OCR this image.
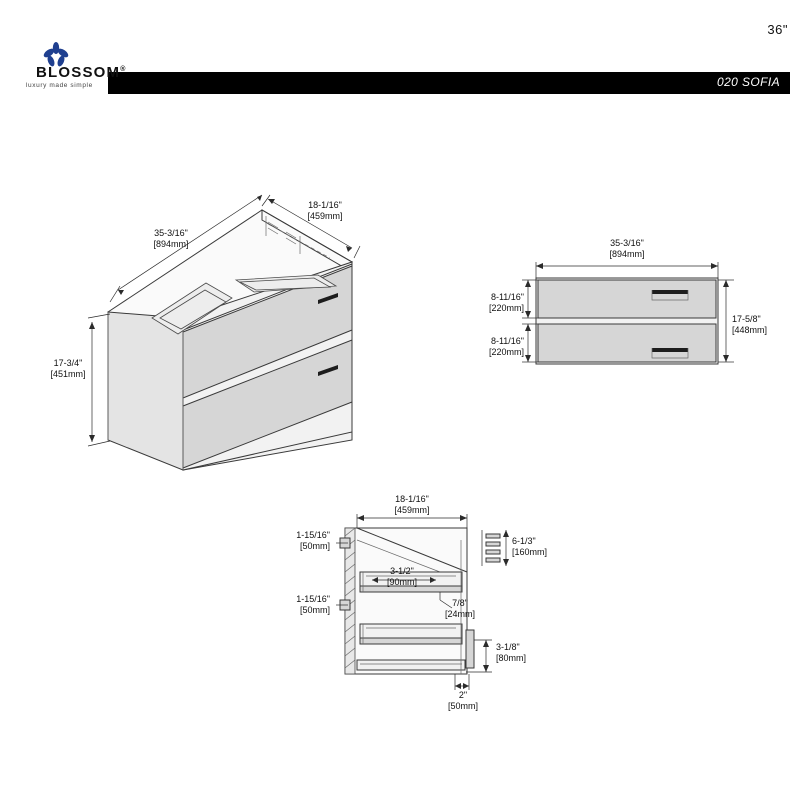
36"
020 SOFIA
BLOSSOM®
luxury made simple
18-1/16"
[459mm]
35-3/16"
[894mm]
17-3/4"
[451mm]
35-3/16"
[894mm]
8-11/16"
[220mm]
8-11/16"
[220mm]
17-5/8"
[448mm]
18-1/16"
[459mm]
1-15/16"
[50mm]
1-15/16"
[50mm]
3-1/2"
[90mm]
7/8"
[24mm]
6-1/3"
[160mm]
3-1/8"
[80mm]
2"
[50mm]
